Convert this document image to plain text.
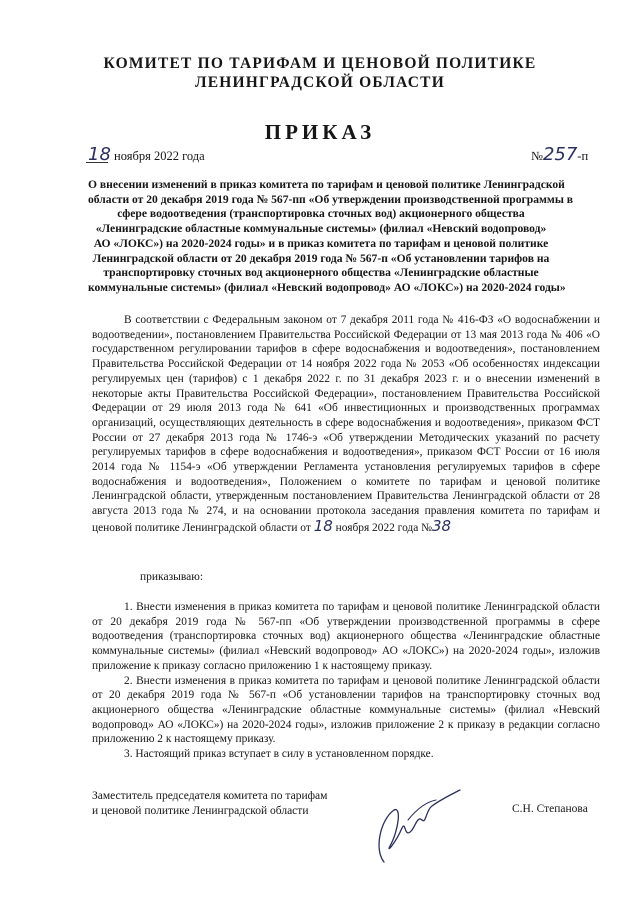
КОМИТЕТ ПО ТАРИФАМ И ЦЕНОВОЙ ПОЛИТИКЕ
ЛЕНИНГРАДСКОЙ ОБЛАСТИ
ПРИКАЗ
18 ноября 2022 года	№257-п
О внесении изменений в приказ комитета по тарифам и ценовой политике Ленинградской
области от 20 декабря 2019 года № 567-пп «Об утверждении производственной программы в
сфере водоотведения (транспортировка сточных вод) акционерного общества
«Ленинградские областные коммунальные системы» (филиал «Невский водопровод»
АО «ЛОКС») на 2020-2024 годы» и в приказ комитета по тарифам и ценовой политике
Ленинградской области от 20 декабря 2019 года № 567-п «Об установлении тарифов на
транспортировку сточных вод акционерного общества «Ленинградские областные
коммунальные системы» (филиал «Невский водопровод» АО «ЛОКС») на 2020-2024 годы»

В соответствии с Федеральным законом от 7 декабря 2011 года № 416-ФЗ «О водоснабжении и водоотведении», постановлением Правительства Российской Федерации от 13 мая 2013 года № 406 «О государственном регулировании тарифов в сфере водоснабжения и водоотведения», постановлением Правительства Российской Федерации от 14 ноября 2022 года № 2053 «Об особенностях индексации регулируемых цен (тарифов) с 1 декабря 2022 г. по 31 декабря 2023 г. и о внесении изменений в некоторые акты Правительства Российской Федерации», постановлением Правительства Российской Федерации от 29 июля 2013 года № 641 «Об инвестиционных и производственных программах организаций, осуществляющих деятельность в сфере водоснабжения и водоотведения», приказом ФСТ России от 27 декабря 2013 года № 1746-э «Об утверждении Методических указаний по расчету регулируемых тарифов в сфере водоснабжения и водоотведения», приказом ФСТ России от 16 июля 2014 года № 1154-э «Об утверждении Регламента установления регулируемых тарифов в сфере водоснабжения и водоотведения», Положением о комитете по тарифам и ценовой политике Ленинградской области, утвержденным постановлением Правительства Ленинградской области от 28 августа 2013 года № 274, и на основании протокола заседания правления комитета по тарифам и ценовой политике Ленинградской области от 18 ноября 2022 года №38

приказываю:

1. Внести изменения в приказ комитета по тарифам и ценовой политике Ленинградской области от 20 декабря 2019 года № 567-пп «Об утверждении производственной программы в сфере водоотведения (транспортировка сточных вод) акционерного общества «Ленинградские областные коммунальные системы» (филиал «Невский водопровод» АО «ЛОКС») на 2020-2024 годы», изложив приложение к приказу согласно приложению 1 к настоящему приказу.

2. Внести изменения в приказ комитета по тарифам и ценовой политике Ленинградской области от 20 декабря 2019 года № 567-п «Об установлении тарифов на транспортировку сточных вод акционерного общества «Ленинградские областные коммунальные системы» (филиал «Невский водопровод» АО «ЛОКС») на 2020-2024 годы», изложив приложение 2 к приказу в редакции согласно приложению 2 к настоящему приказу.

3. Настоящий приказ вступает в силу в установленном порядке.

Заместитель председателя комитета по тарифам
и ценовой политике Ленинградской области	С.Н. Степанова
